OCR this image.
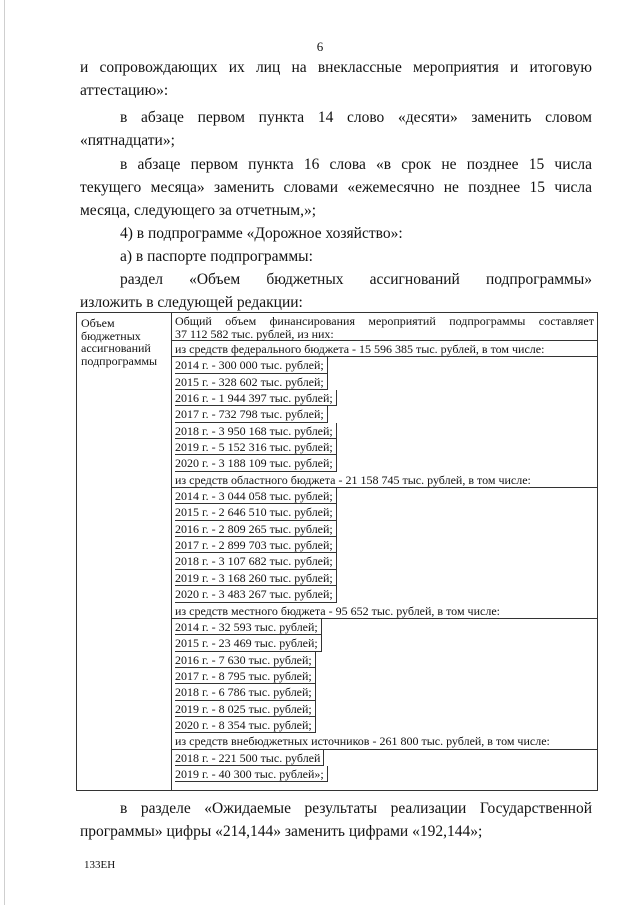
6

и сопровождающих их лиц на внеклассные мероприятия и итоговую

аттестацию»:

в абзаце первом пункта 14 слово «десяти» заменить словом

«пятнадцати»;

в абзаце первом пункта 16 слова «в срок не позднее 15 числа

текущего месяца» заменить словами «ежемесячно не позднее 15 числа

месяца, следующего за отчетным,»;

4) в подпрограмме «Дорожное хозяйство»:

а) в паспорте подпрограммы:

раздел «Объем бюджетных ассигнований подпрограммы»

изложить в следующей редакции:

Объем бюджетных ассигнований подпрограммы
Общий объем финансирования мероприятий подпрограммы составляет
37 112 582 тыс. рублей, из них:
из средств федерального бюджета - 15 596 385 тыс. рублей, в том числе:
2014 г. - 300 000 тыс. рублей;
2015 г. - 328 602 тыс. рублей;
2016 г. - 1 944 397 тыс. рублей;
2017 г. - 732 798 тыс. рублей;
2018 г. - 3 950 168 тыс. рублей;
2019 г. - 5 152 316 тыс. рублей;
2020 г. - 3 188 109 тыс. рублей;
из средств областного бюджета - 21 158 745 тыс. рублей, в том числе:
2014 г. - 3 044 058 тыс. рублей;
2015 г. - 2 646 510 тыс. рублей;
2016 г. - 2 809 265 тыс. рублей;
2017 г. - 2 899 703 тыс. рублей;
2018 г. - 3 107 682 тыс. рублей;
2019 г. - 3 168 260 тыс. рублей;
2020 г. - 3 483 267 тыс. рублей;
из средств местного бюджета - 95 652 тыс. рублей, в том числе:
2014 г. - 32 593 тыс. рублей;
2015 г. - 23 469 тыс. рублей;
2016 г. - 7 630 тыс. рублей;
2017 г. - 8 795 тыс. рублей;
2018 г. - 6 786 тыс. рублей;
2019 г. - 8 025 тыс. рублей;
2020 г. - 8 354 тыс. рублей;
из средств внебюджетных источников - 261 800 тыс. рублей, в том числе:
2018 г. - 221 500 тыс. рублей
2019 г. - 40 300 тыс. рублей»;

в разделе «Ожидаемые результаты реализации Государственной

программы» цифры «214,144» заменить цифрами «192,144»;

133ЕН
